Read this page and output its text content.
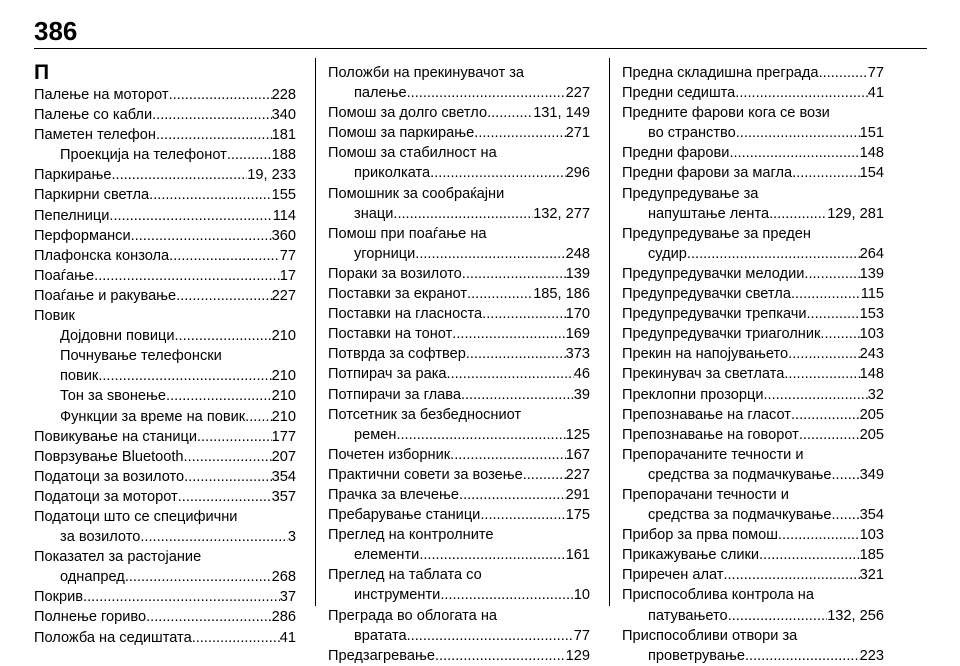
386
П
Палење на моторот .....	228
Палење со кабли .....	340
Паметен телефон .....	181
Проекција на телефонот .....	188
Паркирање .....	19, 233
Паркирни светла .....	155
Пепелници .....	114
Перформанси .....	360
Плафонска конзола .....	77
Поаѓање .....	17
Поаѓање и ракување .....	227
Повик
Дојдовни повици .....	210
Почнување телефонски
повик .....	210
Тон за ѕвонење .....	210
Функции за време на повик ..... 210
Повикување на станици .....	177
Поврзување Bluetooth .....	207
Податоци за возилото .....	354
Податоци за моторот .....	357
Податоци што се специфични
за возилото .....	3
Показател за растојание
однапред .....	268
Покрив .....	37
Полнење гориво .....	286
Положба на седиштата .....	41
Положби на прекинувачот за
палење .....	227
Помош за долго светло .....	131, 149
Помош за паркирање .....	271
Помош за стабилност на
приколката .....	296
Помошник за сообраќајни
знаци .....	132, 277
Помош при поаѓање на
угорници .....	248
Пораки за возилото .....	139
Поставки за екранот .....	185, 186
Поставки на гласноста .....	170
Поставки на тонот .....	169
Потврда за софтвер .....	373
Потпирач за рака .....	46
Потпирачи за глава .....	39
Потсетник за безбедносниот
ремен .....	125
Почетен изборник .....	167
Практични совети за возење .....	227
Прачка за влечење .....	291
Пребарување станици .....	175
Преглед на контролните
елементи .....	161
Преглед на таблата со
инструменти .....	10
Преграда во облогата на
вратата .....	77
Предзагревање .....	129
Предна складишна преграда .....	77
Предни седишта .....	41
Предните фарови кога се вози
во странство .....	151
Предни фарови .....	148
Предни фарови за магла .....	154
Предупредување за
напуштање лента .....	129, 281
Предупредување за преден
судир .....	264
Предупредувачки мелодии .....	139
Предупредувачки светла .....	115
Предупредувачки трепкачи .....	153
Предупредувачки триаголник .....	103
Прекин на напојувањето .....	243
Прекинувач за светлата .....	148
Преклопни прозорци .....	32
Препознавање на гласот .....	205
Препознавање на говорот .....	205
Препорачаните течности и
средства за подмачкување ..... 349
Препорачани течности и
средства за подмачкување ..... 354
Прибор за прва помош .....	103
Прикажување слики .....	185
Приречен алат .....	321
Приспособлива контрола на
патувањето .....	132, 256
Приспособливи отвори за
проветрување .....	223
